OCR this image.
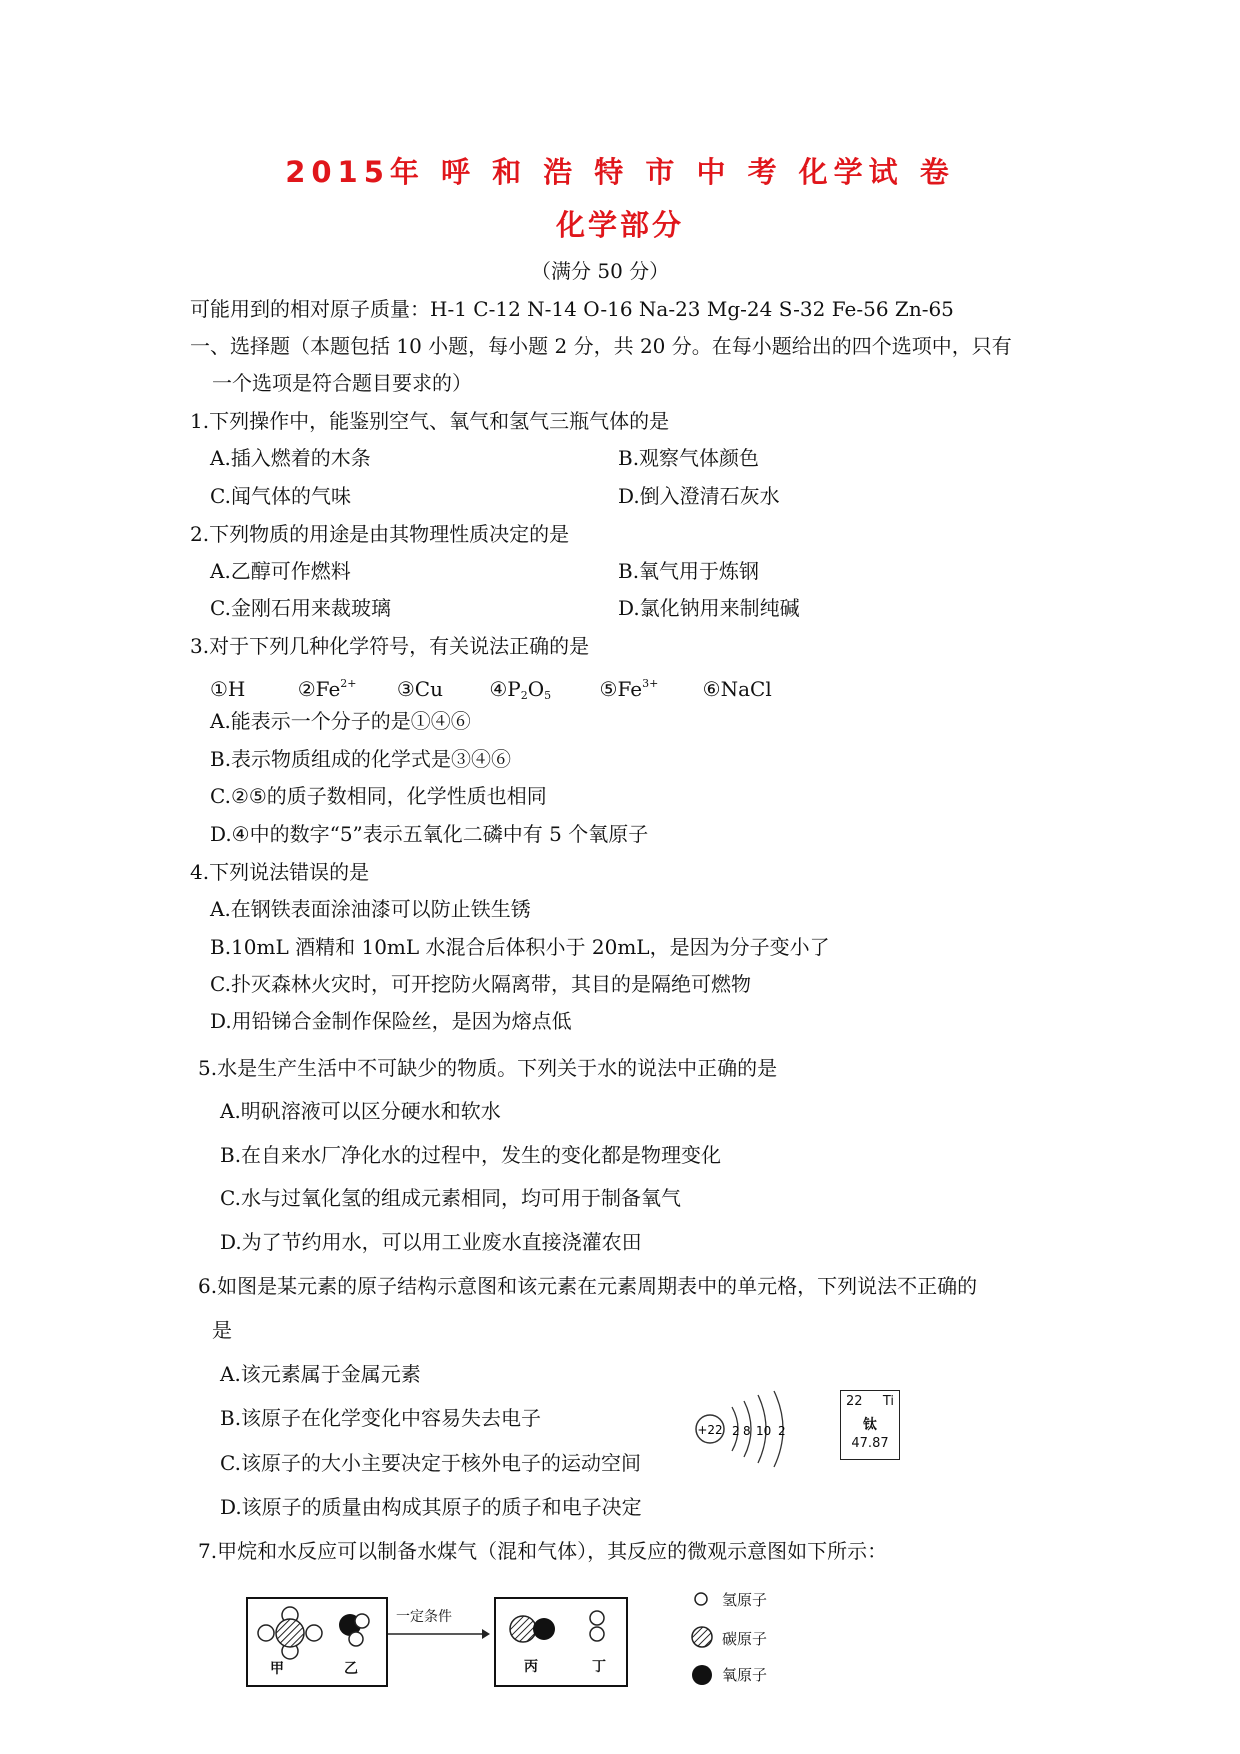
2015年 呼 和 浩 特 市 中 考 化学试 卷
化学部分
（满分 50 分）
可能用到的相对原子质量：H-1 C-12 N-14 O-16 Na-23 Mg-24 S-32 Fe-56 Zn-65
一、选择题（本题包括 10 小题，每小题 2 分，共 20 分。在每小题给出的四个选项中，只有
一个选项是符合题目要求的）
1.下列操作中，能鉴别空气、氧气和氢气三瓶气体的是
A.插入燃着的木条	B.观察气体颜色
C.闻气体的气味	D.倒入澄清石灰水
2.下列物质的用途是由其物理性质决定的是
A.乙醇可作燃料	B.氧气用于炼钢
C.金刚石用来裁玻璃	D.氯化钠用来制纯碱
3.对于下列几种化学符号，有关说法正确的是
①H	$②Fe^{2+}$ ③Cu $④P_2O_5$ $⑤Fe^{3+}$ ⑥NaCl
A.能表示一个分子的是①④⑥
B.表示物质组成的化学式是③④⑥
C.②⑤的质子数相同，化学性质也相同
D.④中的数字“5”表示五氧化二磷中有 5 个氧原子
4.下列说法错误的是
A.在钢铁表面涂油漆可以防止铁生锈
B.10mL 酒精和 10mL 水混合后体积小于 20mL，是因为分子变小了
C.扑灭森林火灾时，可开挖防火隔离带，其目的是隔绝可燃物
D.用铅锑合金制作保险丝，是因为熔点低
5.水是生产生活中不可缺少的物质。下列关于水的说法中正确的是
A.明矾溶液可以区分硬水和软水
B.在自来水厂净化水的过程中，发生的变化都是物理变化
C.水与过氧化氢的组成元素相同，均可用于制备氧气
D.为了节约用水，可以用工业废水直接浇灌农田
6.如图是某元素的原子结构示意图和该元素在元素周期表中的单元格，下列说法不正确的
是
A.该元素属于金属元素
B.该原子在化学变化中容易失去电子
C.该原子的大小主要决定于核外电子的运动空间
D.该原子的质量由构成其原子的质子和电子决定
+22 2 8 10 2
22 Ti
钛
47.87
7.甲烷和水反应可以制备水煤气（混和气体），其反应的微观示意图如下所示：
甲	乙
一定条件
丙	丁
氢原子
碳原子
氧原子
